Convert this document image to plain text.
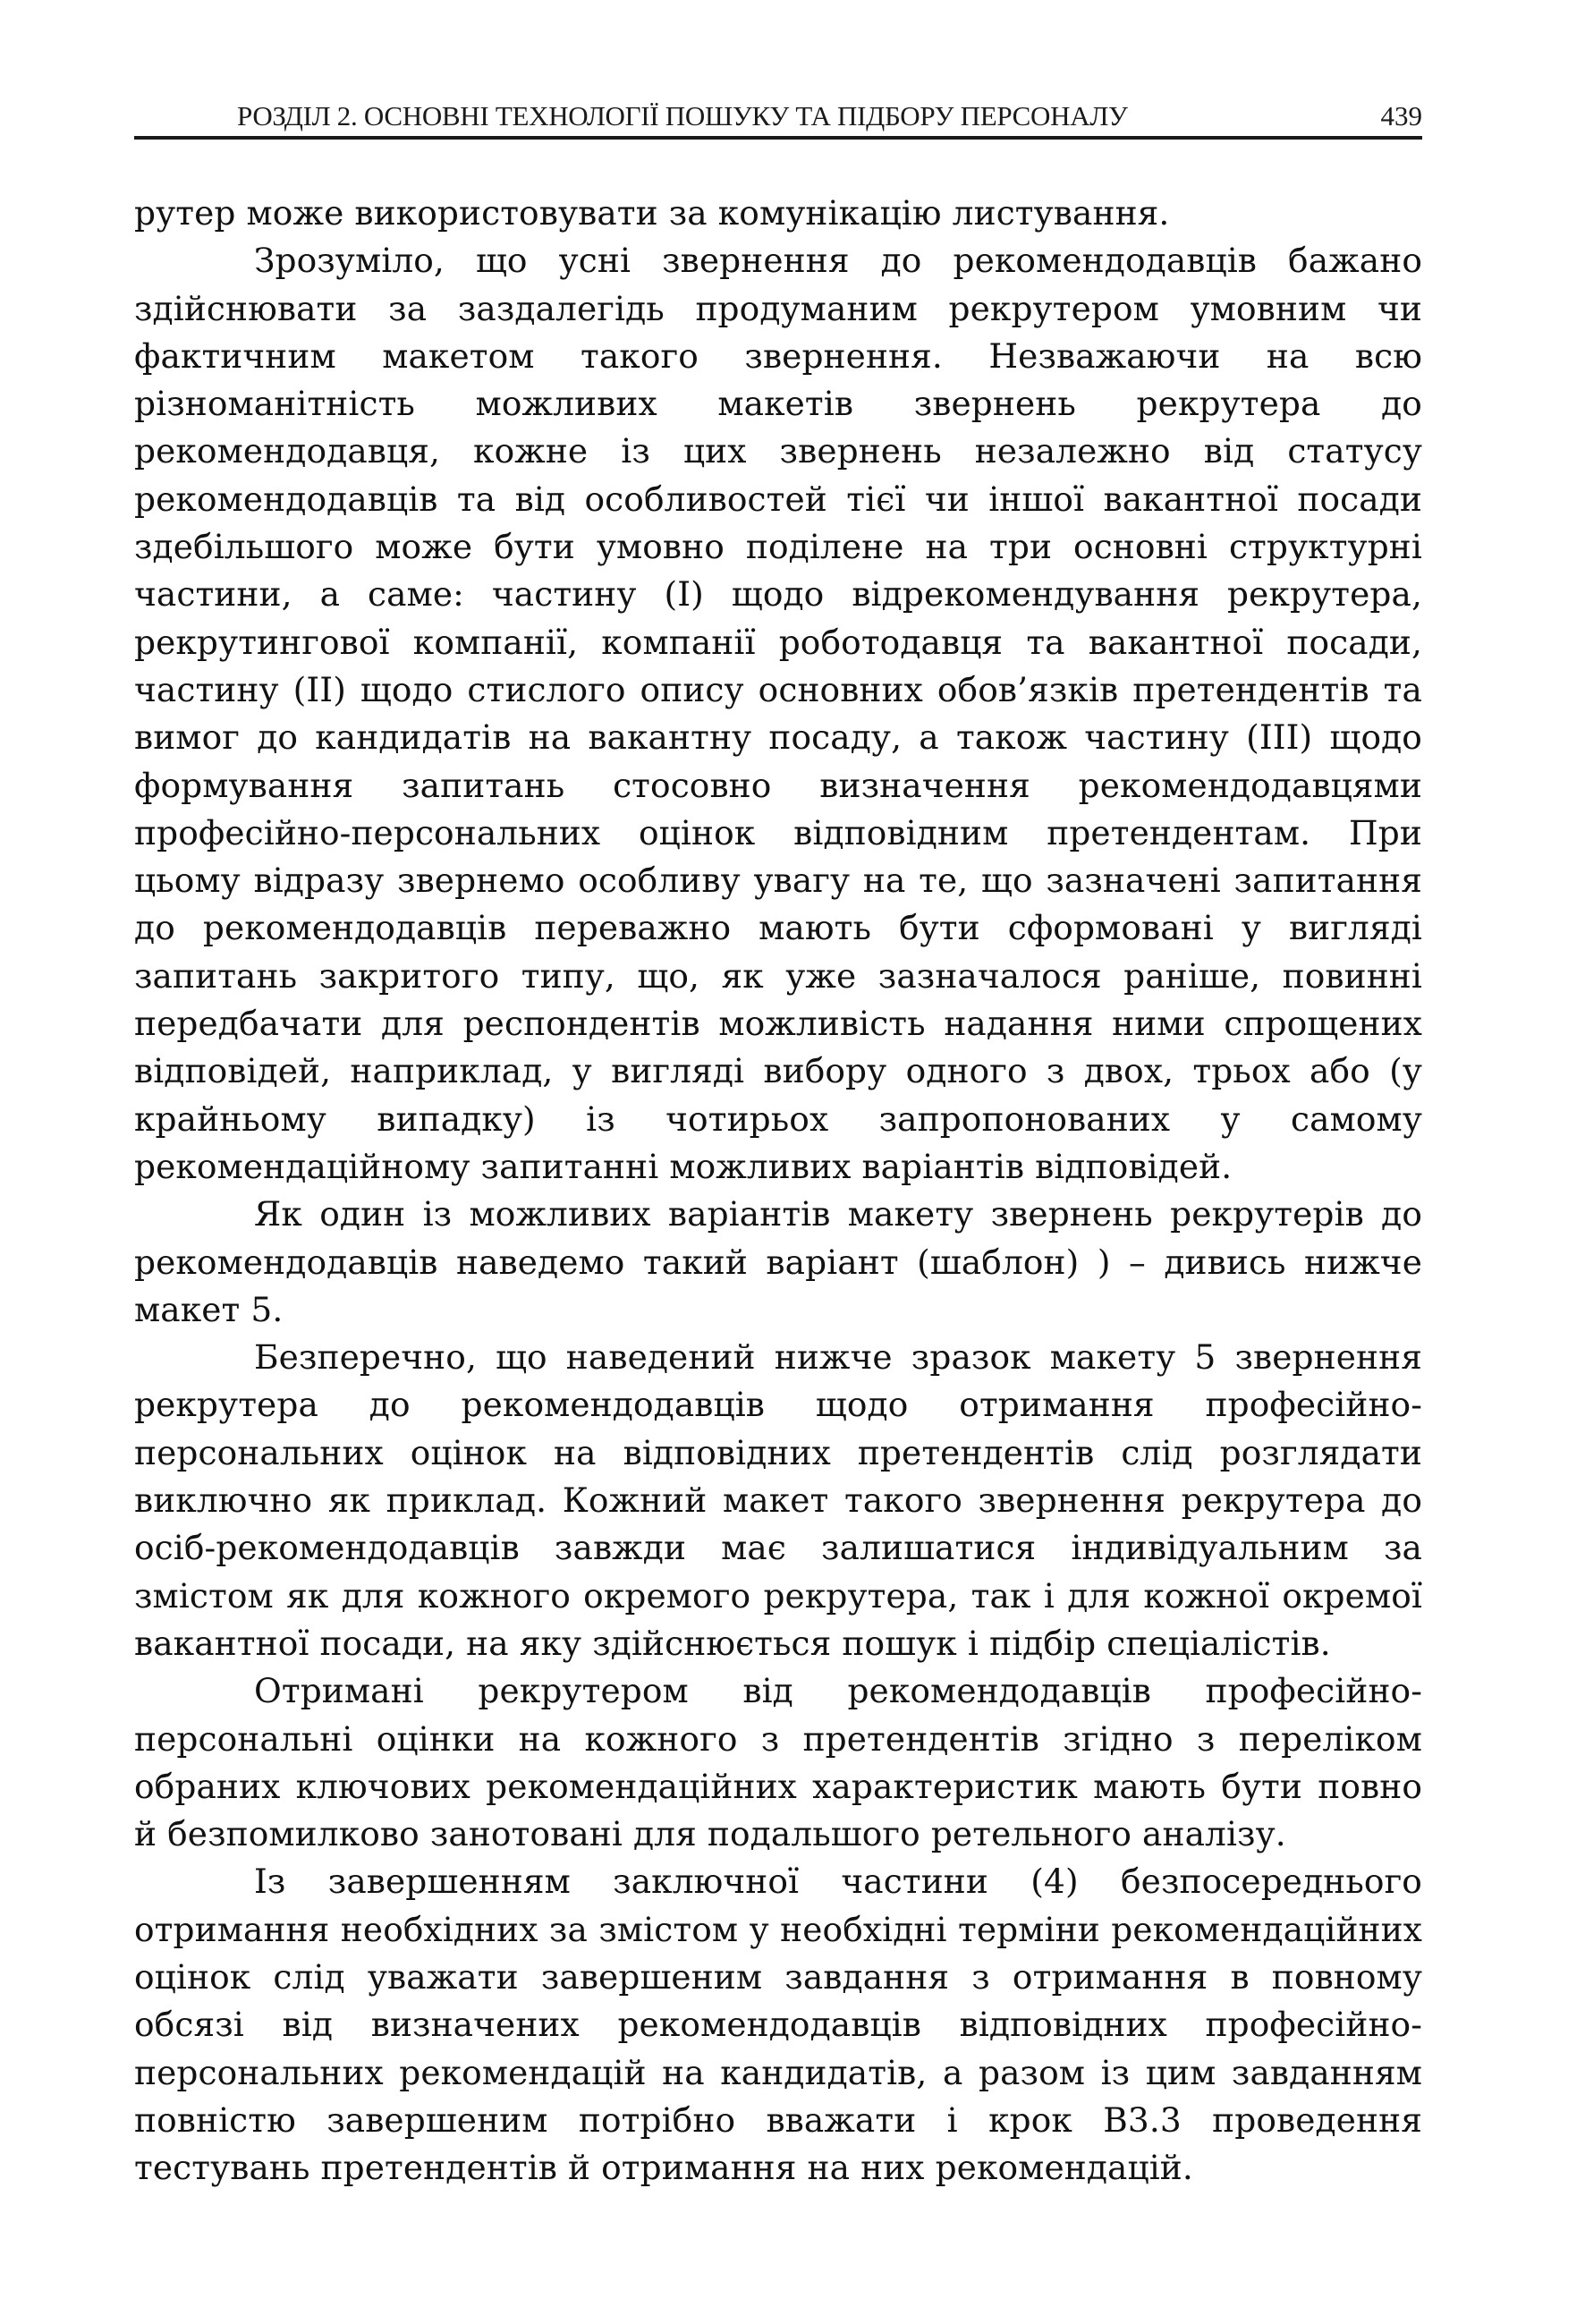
РОЗДІЛ 2. ОСНОВНІ ТЕХНОЛОГІЇ ПОШУКУ ТА ПІДБОРУ ПЕРСОНАЛУ	439

рутер може використовувати за комунікацію листування.

Зрозуміло, що усні звернення до рекомендодавців бажано здійснювати за заздалегідь продуманим рекрутером умовним чи фактичним макетом такого звернення. Незважаючи на всю різноманітність можливих макетів звернень рекрутера до рекомендодавця, кожне із цих звернень незалежно від статусу рекомендодавців та від особливостей тієї чи іншої вакантної посади здебільшого може бути умовно поділене на три основні структурні частини, а саме: частину (I) щодо відрекомендування рекрутера, рекрутингової компанії, компанії роботодавця та вакантної посади, частину (II) щодо стислого опису основних обов’язків претендентів та вимог до кандидатів на вакантну посаду, а також частину (III) щодо формування запитань стосовно визначення рекомендодавцями професійно-персональних оцінок відповідним претендентам. При цьому відразу звернемо особливу увагу на те, що зазначені запитання до рекомендодавців переважно мають бути сформовані у вигляді запитань закритого типу, що, як уже зазначалося раніше, повинні передбачати для респондентів можливість надання ними спрощених відповідей, наприклад, у вигляді вибору одного з двох, трьох або (у крайньому випадку) із чотирьох запропонованих у самому рекомендаційному запитанні можливих варіантів відповідей.

Як один із можливих варіантів макету звернень рекрутерів до рекомендодавців наведемо такий варіант (шаблон) ) – дивись нижче макет 5.

Безперечно, що наведений нижче зразок макету 5 звернення рекрутера до рекомендодавців щодо отримання професійно-персональних оцінок на відповідних претендентів слід розглядати виключно як приклад. Кожний макет такого звернення рекрутера до осіб-рекомендодавців завжди має залишатися індивідуальним за змістом як для кожного окремого рекрутера, так і для кожної окремої вакантної посади, на яку здійснюється пошук і підбір спеціалістів.

Отримані рекрутером від рекомендодавців професійно-персональні оцінки на кожного з претендентів згідно з переліком обраних ключових рекомендаційних характеристик мають бути повно й безпомилково занотовані для подальшого ретельного аналізу.

Із завершенням заключної частини (4) безпосереднього отримання необхідних за змістом у необхідні терміни рекомендаційних оцінок слід уважати завершеним завдання з отримання в повному обсязі від визначених рекомендодавців відповідних професійно-персональних рекомендацій на кандидатів, а разом із цим завданням повністю завершеним потрібно вважати і крок В3.3 проведення тестувань претендентів й отримання на них рекомендацій.
